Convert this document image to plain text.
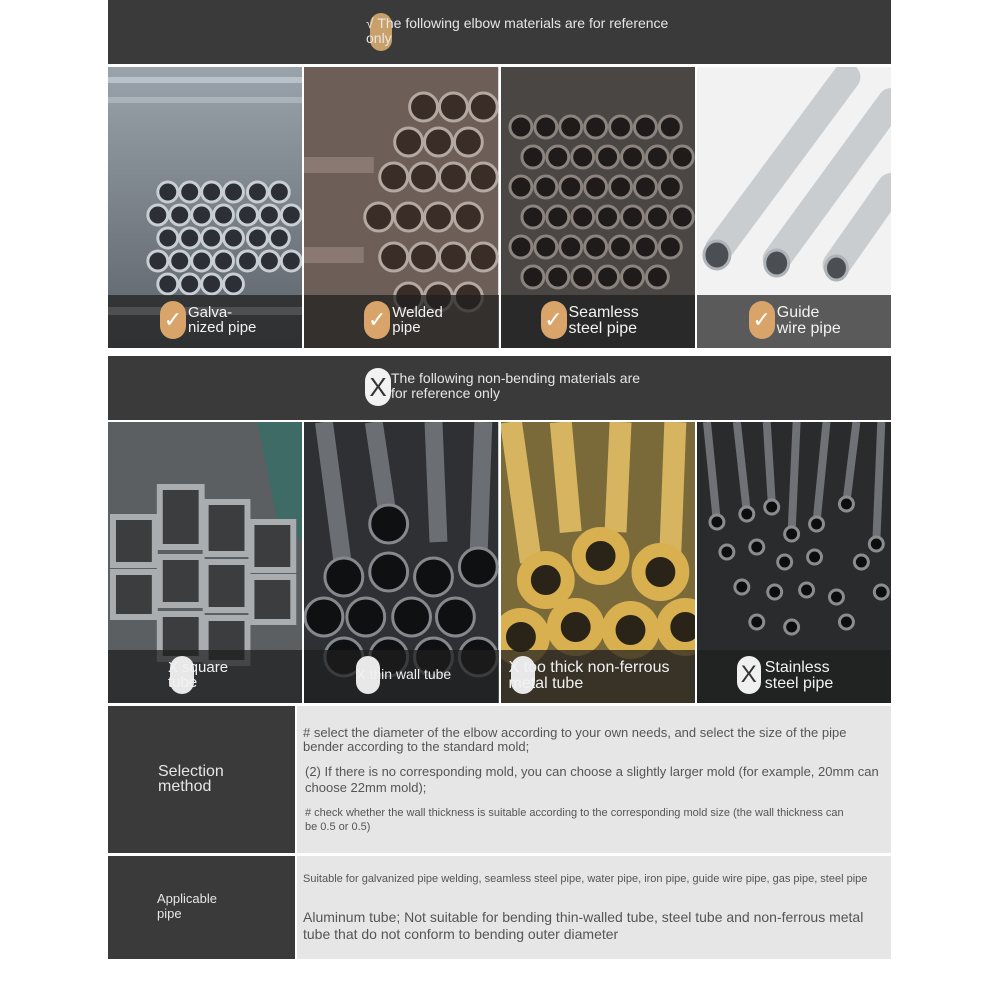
√ The following elbow materials are for reference only
✓ Galva-
nized pipe	✓ Welded
pipe	✓ Seamless
steel pipe	✓ Guide
wire pipe
X The following non-bending materials are
for reference only
X square
tube	X thin wall tube	X too thick non-ferrous
metal tube	X Stainless
steel pipe
Selection
method
# select the diameter of the elbow according to your own needs, and select the size of the pipe bender according to the standard mold;
(2) If there is no corresponding mold, you can choose a slightly larger mold (for example, 20mm can choose 22mm mold);
# check whether the wall thickness is suitable according to the corresponding mold size (the wall thickness can be 0.5 or 0.5)
Applicable
pipe
Suitable for galvanized pipe welding, seamless steel pipe, water pipe, iron pipe, guide wire pipe, gas pipe, steel pipe
Aluminum tube; Not suitable for bending thin-walled tube, steel tube and non-ferrous metal tube that do not conform to bending outer diameter
